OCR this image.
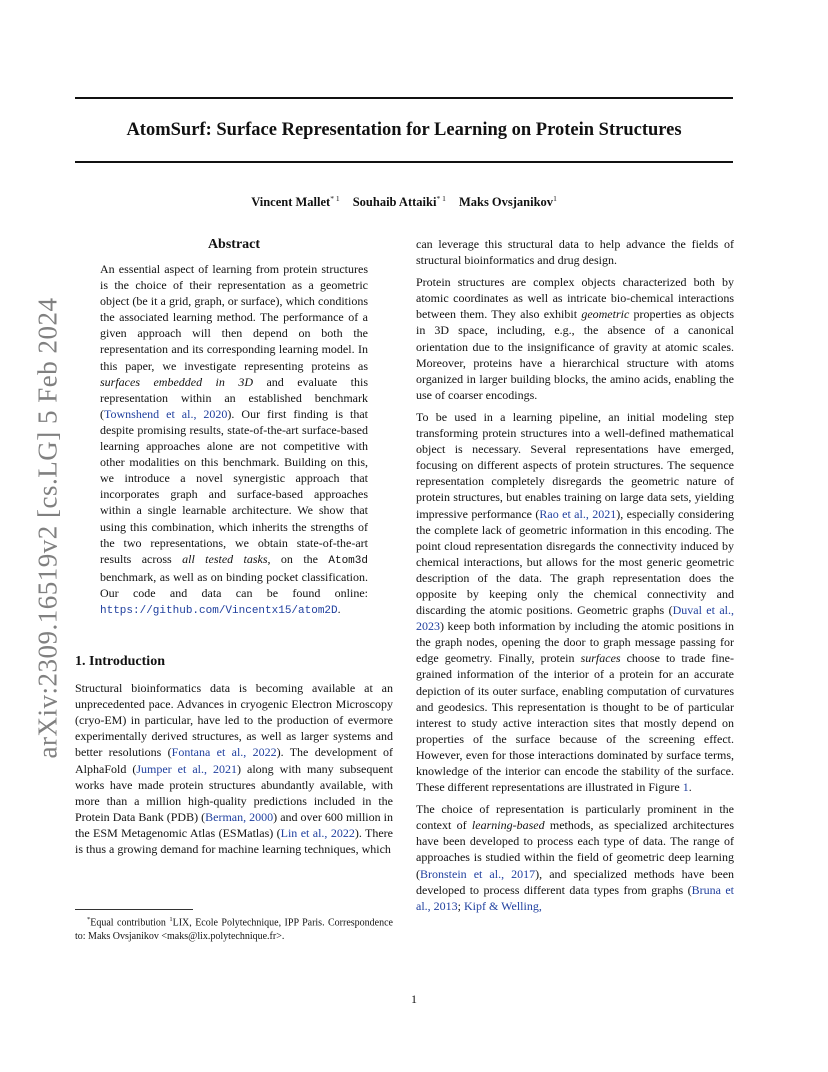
AtomSurf: Surface Representation for Learning on Protein Structures
Vincent Mallet$^{* 1}$ Souhaib Attaiki$^{* 1}$ Maks Ovsjanikov$^1$
arXiv:2309.16519v2 [cs.LG] 5 Feb 2024
Abstract

An essential aspect of learning from protein structures is the choice of their representation as a geometric object (be it a grid, graph, or surface), which conditions the associated learning method. The performance of a given approach will then depend on both the representation and its corresponding learning model. In this paper, we investigate representing proteins as surfaces embedded in 3D and evaluate this representation within an established benchmark (Townshend et al., 2020). Our first finding is that despite promising results, state-of-the-art surface-based learning approaches alone are not competitive with other modalities on this benchmark. Building on this, we introduce a novel synergistic approach that incorporates graph and surface-based approaches within a single learnable architecture. We show that using this combination, which inherits the strengths of the two representations, we obtain state-of-the-art results across all tested tasks, on the Atom3d benchmark, as well as on binding pocket classification. Our code and data can be found online: https://github.com/Vincentx15/atom2D.

1. Introduction

Structural bioinformatics data is becoming available at an unprecedented pace. Advances in cryogenic Electron Microscopy (cryo-EM) in particular, have led to the production of evermore experimentally derived structures, as well as larger systems and better resolutions (Fontana et al., 2022). The development of AlphaFold (Jumper et al., 2021) along with many subsequent works have made protein structures abundantly available, with more than a million high-quality predictions included in the Protein Data Bank (PDB) (Berman, 2000) and over 600 million in the ESM Metagenomic Atlas (ESMatlas) (Lin et al., 2022). There is thus a growing demand for machine learning techniques, which

*Equal contribution $^1$LIX, Ecole Polytechnique, IPP Paris. Correspondence to: Maks Ovsjanikov <maks@lix.polytechnique.fr>.

can leverage this structural data to help advance the fields of structural bioinformatics and drug design.

Protein structures are complex objects characterized both by atomic coordinates as well as intricate bio-chemical interactions between them. They also exhibit geometric properties as objects in 3D space, including, e.g., the absence of a canonical orientation due to the insignificance of gravity at atomic scales. Moreover, proteins have a hierarchical structure with atoms organized in larger building blocks, the amino acids, enabling the use of coarser encodings.

To be used in a learning pipeline, an initial modeling step transforming protein structures into a well-defined mathematical object is necessary. Several representations have emerged, focusing on different aspects of protein structures. The sequence representation completely disregards the geometric nature of protein structures, but enables training on large data sets, yielding impressive performance (Rao et al., 2021), especially considering the complete lack of geometric information in this encoding. The point cloud representation disregards the connectivity induced by chemical interactions, but allows for the most generic geometric description of the data. The graph representation does the opposite by keeping only the chemical connectivity and discarding the atomic positions. Geometric graphs (Duval et al., 2023) keep both information by including the atomic positions in the graph nodes, opening the door to graph message passing for edge geometry. Finally, protein surfaces choose to trade fine-grained information of the interior of a protein for an accurate depiction of its outer surface, enabling computation of curvatures and geodesics. This representation is thought to be of particular interest to study active interaction sites that mostly depend on properties of the surface because of the screening effect. However, even for those interactions dominated by surface terms, knowledge of the interior can encode the stability of the surface. These different representations are illustrated in Figure 1.

The choice of representation is particularly prominent in the context of learning-based methods, as specialized architectures have been developed to process each type of data. The range of approaches is studied within the field of geometric deep learning (Bronstein et al., 2017), and specialized methods have been developed to process different data types from graphs (Bruna et al., 2013; Kipf & Welling,

1
